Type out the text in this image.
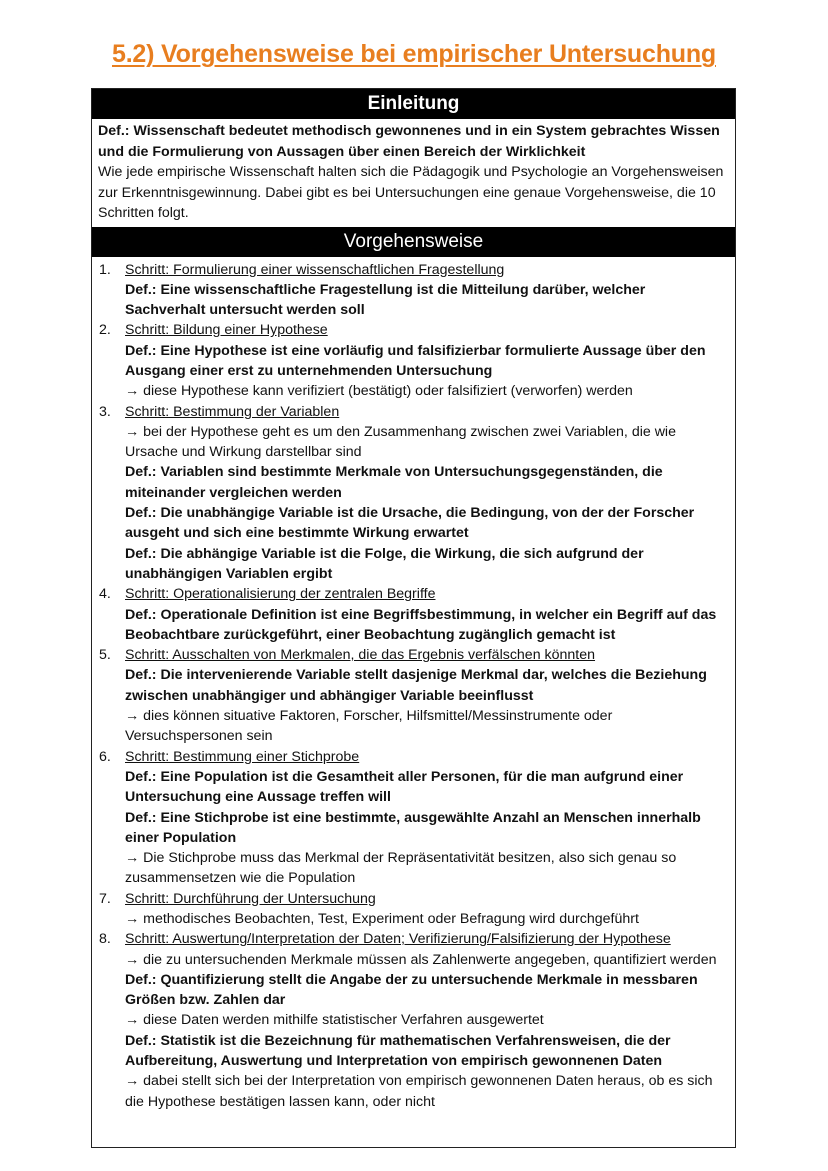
5.2) Vorgehensweise bei empirischer Untersuchung
Einleitung
Def.: Wissenschaft bedeutet methodisch gewonnenes und in ein System gebrachtes Wissen und die Formulierung von Aussagen über einen Bereich der Wirklichkeit
Wie jede empirische Wissenschaft halten sich die Pädagogik und Psychologie an Vorgehensweisen zur Erkenntnisgewinnung. Dabei gibt es bei Untersuchungen eine genaue Vorgehensweise, die 10 Schritten folgt.
Vorgehensweise
1. Schritt: Formulierung einer wissenschaftlichen Fragestellung
Def.: Eine wissenschaftliche Fragestellung ist die Mitteilung darüber, welcher Sachverhalt untersucht werden soll
2. Schritt: Bildung einer Hypothese
Def.: Eine Hypothese ist eine vorläufig und falsifizierbar formulierte Aussage über den Ausgang einer erst zu unternehmenden Untersuchung
→ diese Hypothese kann verifiziert (bestätigt) oder falsifiziert (verworfen) werden
3. Schritt: Bestimmung der Variablen
→ bei der Hypothese geht es um den Zusammenhang zwischen zwei Variablen, die wie Ursache und Wirkung darstellbar sind
Def.: Variablen sind bestimmte Merkmale von Untersuchungsgegenständen, die miteinander vergleichen werden
Def.: Die unabhängige Variable ist die Ursache, die Bedingung, von der der Forscher ausgeht und sich eine bestimmte Wirkung erwartet
Def.: Die abhängige Variable ist die Folge, die Wirkung, die sich aufgrund der unabhängigen Variablen ergibt
4. Schritt: Operationalisierung der zentralen Begriffe
Def.: Operationale Definition ist eine Begriffsbestimmung, in welcher ein Begriff auf das Beobachtbare zurückgeführt, einer Beobachtung zugänglich gemacht ist
5. Schritt: Ausschalten von Merkmalen, die das Ergebnis verfälschen könnten
Def.: Die intervenierende Variable stellt dasjenige Merkmal dar, welches die Beziehung zwischen unabhängiger und abhängiger Variable beeinflusst
→ dies können situative Faktoren, Forscher, Hilfsmittel/Messinstrumente oder Versuchspersonen sein
6. Schritt: Bestimmung einer Stichprobe
Def.: Eine Population ist die Gesamtheit aller Personen, für die man aufgrund einer Untersuchung eine Aussage treffen will
Def.: Eine Stichprobe ist eine bestimmte, ausgewählte Anzahl an Menschen innerhalb einer Population
→ Die Stichprobe muss das Merkmal der Repräsentativität besitzen, also sich genau so zusammensetzen wie die Population
7. Schritt: Durchführung der Untersuchung
→ methodisches Beobachten, Test, Experiment oder Befragung wird durchgeführt
8. Schritt: Auswertung/Interpretation der Daten; Verifizierung/Falsifizierung der Hypothese
→ die zu untersuchenden Merkmale müssen als Zahlenwerte angegeben, quantifiziert werden
Def.: Quantifizierung stellt die Angabe der zu untersuchende Merkmale in messbaren Größen bzw. Zahlen dar
→ diese Daten werden mithilfe statistischer Verfahren ausgewertet
Def.: Statistik ist die Bezeichnung für mathematischen Verfahrensweisen, die der Aufbereitung, Auswertung und Interpretation von empirisch gewonnenen Daten
→ dabei stellt sich bei der Interpretation von empirisch gewonnenen Daten heraus, ob es sich die Hypothese bestätigen lassen kann, oder nicht
